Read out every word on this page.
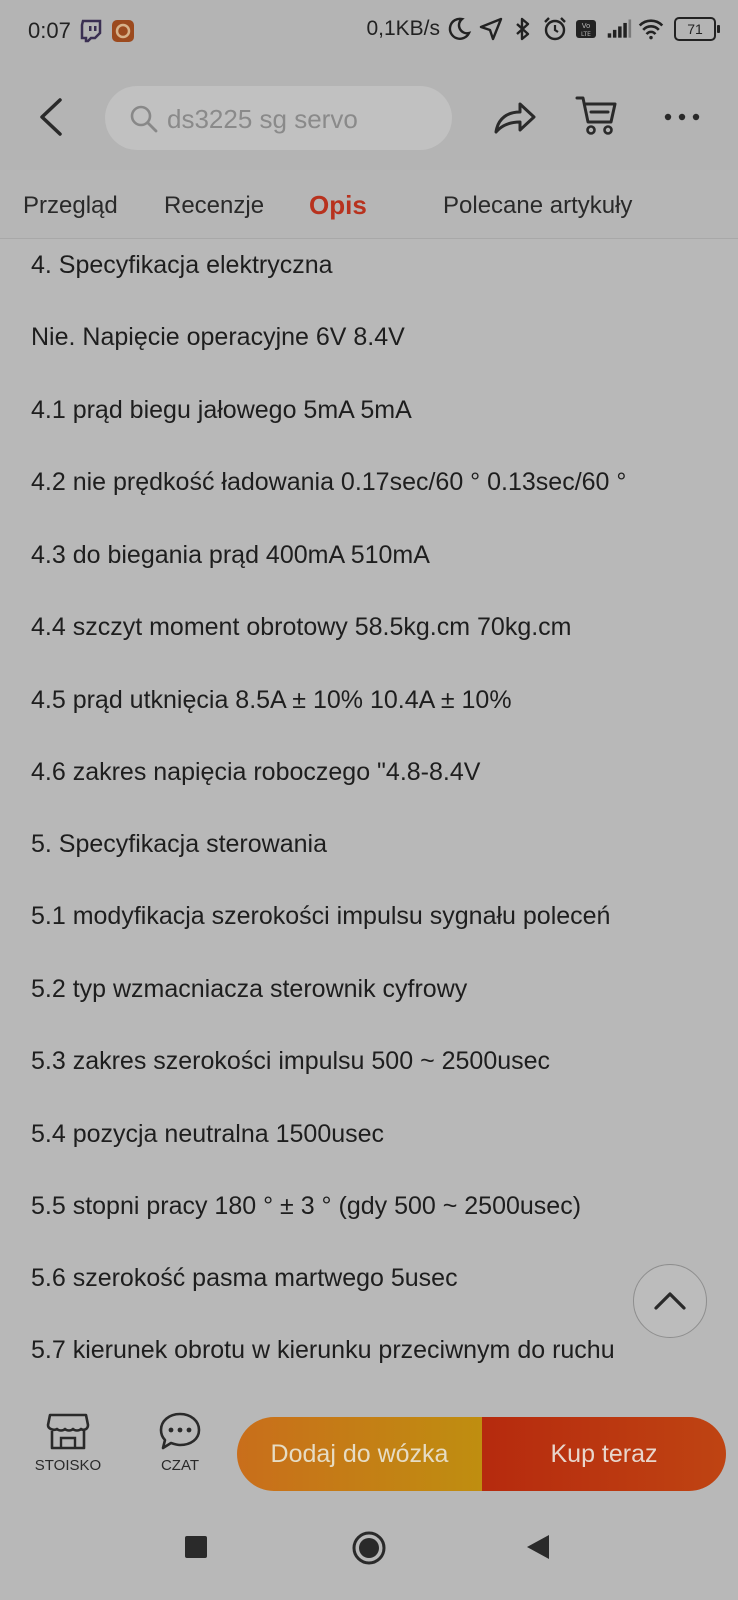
0:07	0,1KB/s	Vo
LTE	71
ds3225 sg servo
Przegląd Recenzje Opis	Polecane artykuły
4. Specyfikacja elektryczna
Nie. Napięcie operacyjne 6V 8.4V
4.1 prąd biegu jałowego 5mA 5mA
4.2 nie prędkość ładowania 0.17sec/60 ° 0.13sec/60 °
4.3 do biegania prąd 400mA 510mA
4.4 szczyt moment obrotowy 58.5kg.cm 70kg.cm
4.5 prąd utknięcia 8.5A ± 10% 10.4A ± 10%
4.6 zakres napięcia roboczego "4.8-8.4V
5. Specyfikacja sterowania
5.1 modyfikacja szerokości impulsu sygnału poleceń
5.2 typ wzmacniacza sterownik cyfrowy
5.3 zakres szerokości impulsu 500 ~ 2500usec
5.4 pozycja neutralna 1500usec
5.5 stopni pracy 180 ° ± 3 ° (gdy 500 ~ 2500usec)
5.6 szerokość pasma martwego 5usec
5.7 kierunek obrotu w kierunku przeciwnym do ruchu
STOISKO	CZAT	Dodaj do wózka	Kup teraz
